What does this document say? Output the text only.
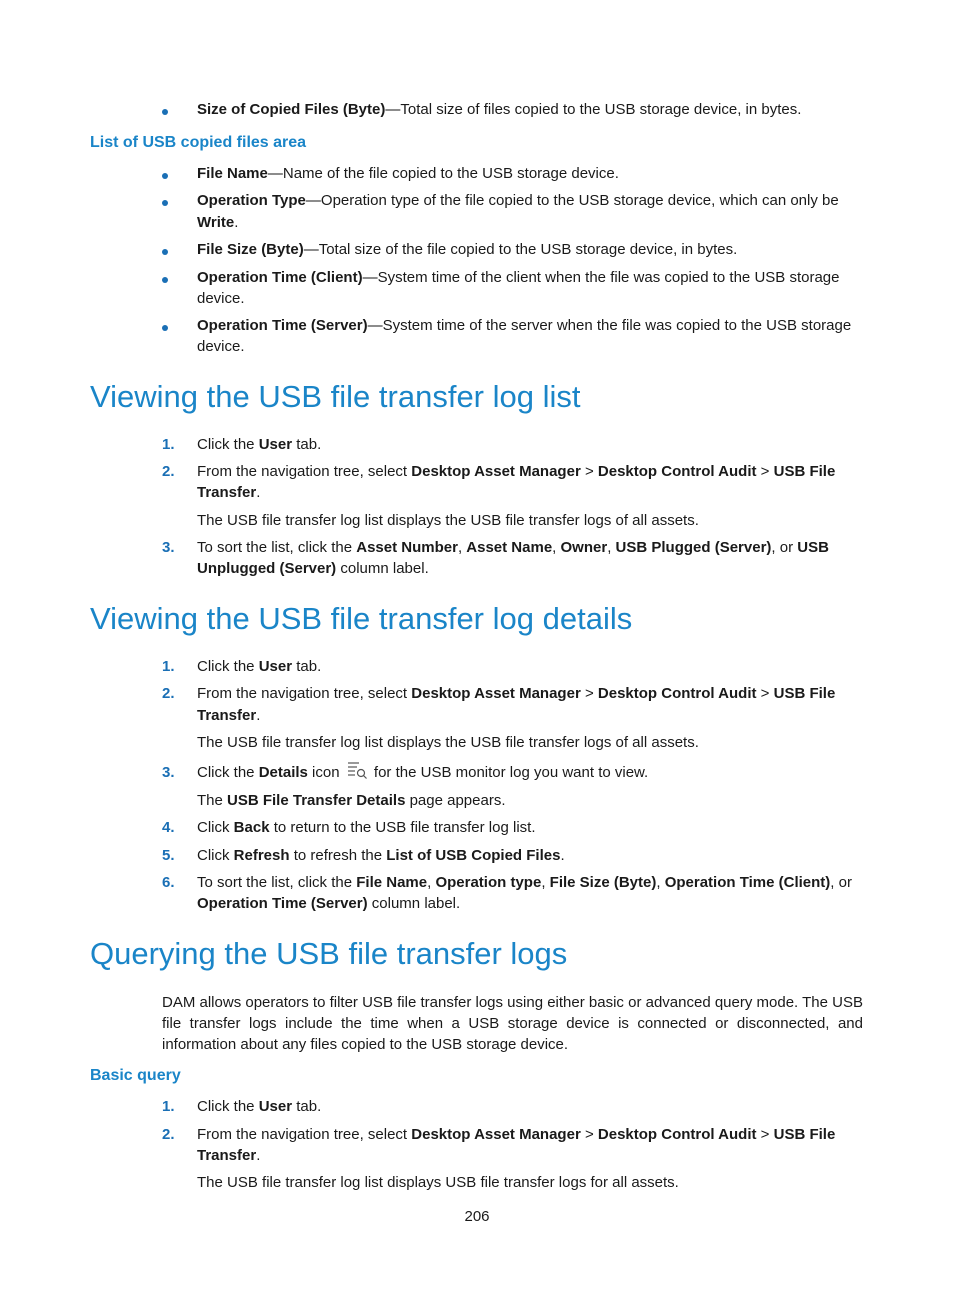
Size of Copied Files (Byte)—Total size of files copied to the USB storage device, in bytes.
List of USB copied files area
File Name—Name of the file copied to the USB storage device.
Operation Type—Operation type of the file copied to the USB storage device, which can only be
Write.
File Size (Byte)—Total size of the file copied to the USB storage device, in bytes.
Operation Time (Client)—System time of the client when the file was copied to the USB storage
device.
Operation Time (Server)—System time of the server when the file was copied to the USB storage
device.
Viewing the USB file transfer log list
1. Click the User tab.
2. From the navigation tree, select Desktop Asset Manager > Desktop Control Audit > USB File
Transfer.
The USB file transfer log list displays the USB file transfer logs of all assets.
3. To sort the list, click the Asset Number, Asset Name, Owner, USB Plugged (Server), or USB
Unplugged (Server) column label.
Viewing the USB file transfer log details
1. Click the User tab.
2. From the navigation tree, select Desktop Asset Manager > Desktop Control Audit > USB File
Transfer.
The USB file transfer log list displays the USB file transfer logs of all assets.
3. Click the Details icon  for the USB monitor log you want to view.
The USB File Transfer Details page appears.
4. Click Back to return to the USB file transfer log list.
5. Click Refresh to refresh the List of USB Copied Files.
6. To sort the list, click the File Name, Operation type, File Size (Byte), Operation Time (Client), or
Operation Time (Server) column label.
Querying the USB file transfer logs
DAM allows operators to filter USB file transfer logs using either basic or advanced query mode. The USB file transfer logs include the time when a USB storage device is connected or disconnected, and information about any files copied to the USB storage device.
Basic query
1. Click the User tab.
2. From the navigation tree, select Desktop Asset Manager > Desktop Control Audit > USB File
Transfer.
The USB file transfer log list displays USB file transfer logs for all assets.
206
